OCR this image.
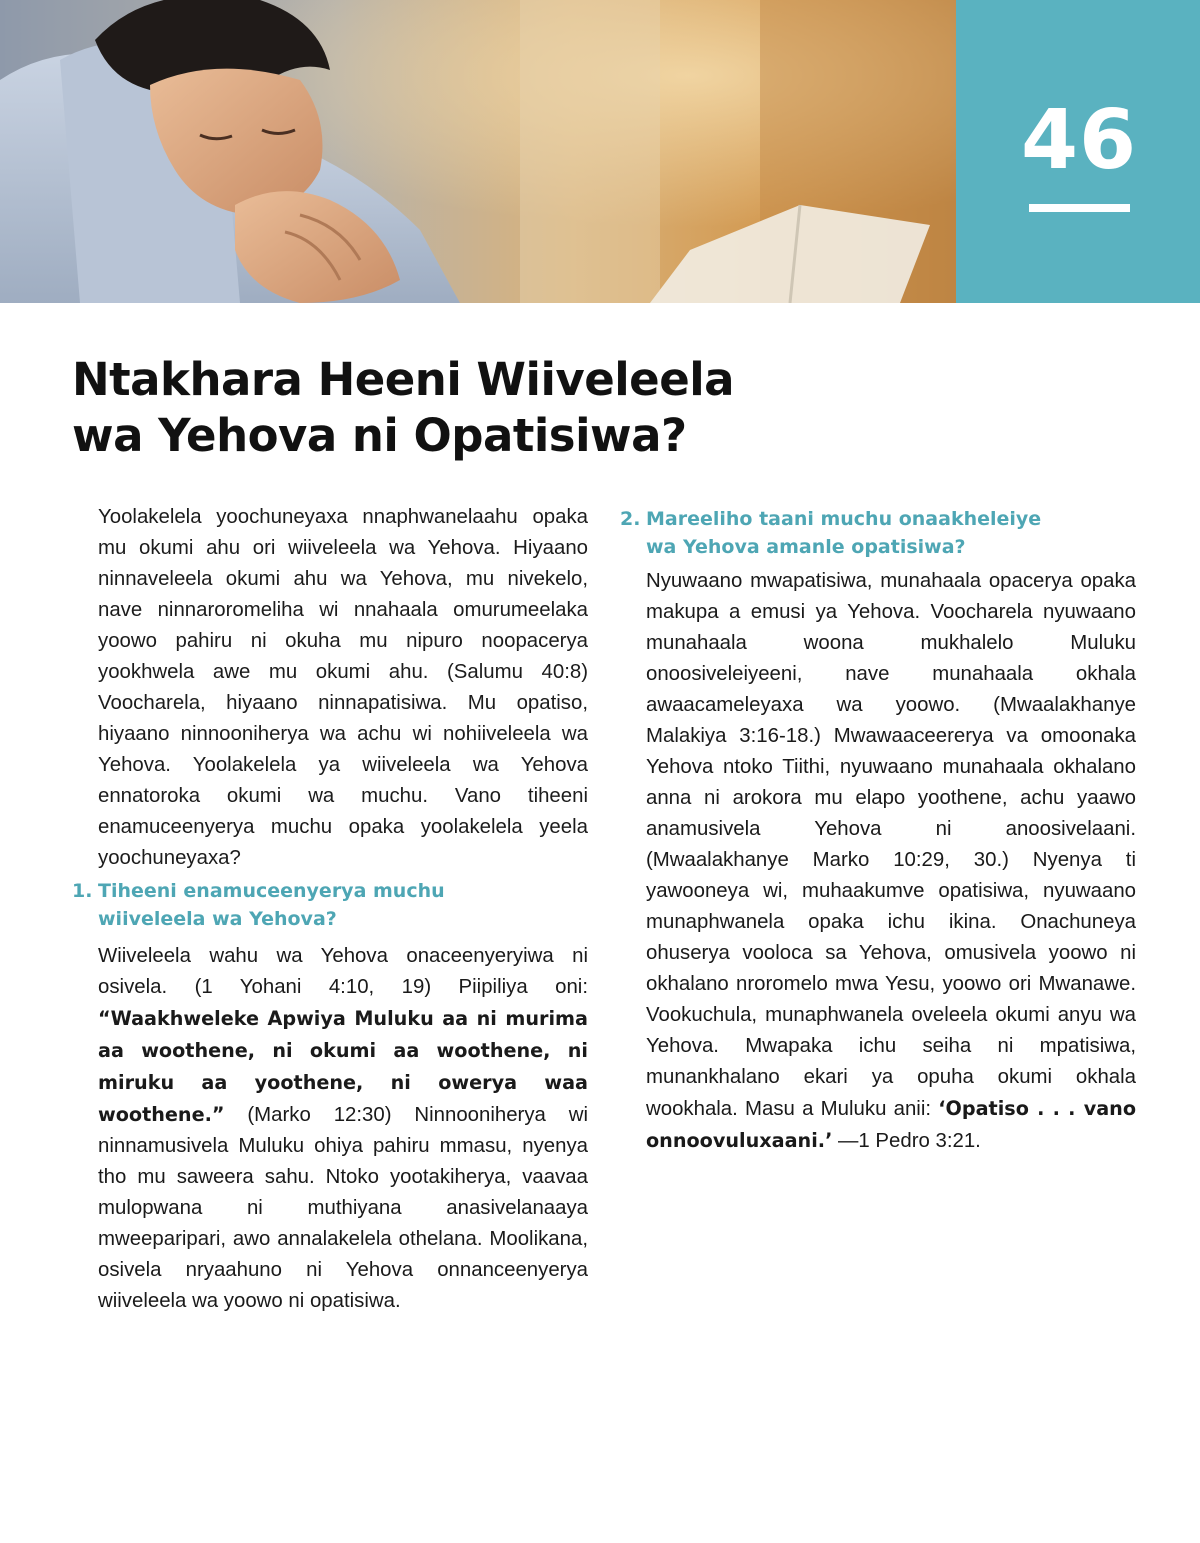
46
Ntakhara Heeni Wiiveleela
wa Yehova ni Opatisiwa?

Yoolakelela yoochuneyaxa nnaphwanelaahu opaka mu okumi ahu ori wiiveleela wa Yehova. Hiyaano ninnaveleela okumi ahu wa Yehova, mu nivekelo, nave ninnaroromeliha wi nnahaala omurumeelaka yoowo pahiru ni okuha mu nipuro noopacerya yookhwela awe mu okumi ahu. (Salumu 40:8) Voocharela, hiyaano ninnapatisiwa. Mu opatiso, hiyaano ninnooniherya wa achu wi nohiiveleela wa Yehova. Yoolakelela ya wiiveleela wa Yehova ennatoroka okumi wa muchu. Vano tiheeni enamuceenyerya muchu opaka yoolakelela yeela yoochuneyaxa?

1. Tiheeni enamuceenyerya muchu
wiiveleela wa Yehova?

Wiiveleela wahu wa Yehova onaceenyeryiwa ni osivela. (1 Yohani 4:10, 19) Piipiliya oni: “Waakhweleke Apwiya Muluku aa ni murima aa woothene, ni okumi aa woothene, ni miruku aa yoothene, ni owerya waa woothene.” (Marko 12:30) Ninnooniherya wi ninnamusivela Muluku ohiya pahiru mmasu, nyenya tho mu saweera sahu. Ntoko yootakiherya, vaavaa mulopwana ni muthiyana anasivelanaaya mweeparipari, awo annalakelela othelana. Moolikana, osivela nryaahuno ni Yehova onnanceenyerya wiiveleela wa yoowo ni opatisiwa.

2. Mareeliho taani muchu onaakheleiye
wa Yehova amanle opatisiwa?

Nyuwaano mwapatisiwa, munahaala opacerya opaka makupa a emusi ya Yehova. Voocharela nyuwaano munahaala woona mukhalelo Muluku onoosiveleiyeeni, nave munahaala okhala awaacameleyaxa wa yoowo. (Mwaalakhanye Malakiya 3:16-18.) Mwawaaceererya va omoonaka Yehova ntoko Tiithi, nyuwaano munahaala okhalano anna ni arokora mu elapo yoothene, achu yaawo anamusivela Yehova ni anoosivelaani. (Mwaalakhanye Marko 10:29, 30.) Nyenya ti yawooneya wi, muhaakumve opatisiwa, nyuwaano munaphwanela opaka ichu ikina. Onachuneya ohuserya vooloca sa Yehova, omusivela yoowo ni okhalano nroromelo mwa Yesu, yoowo ori Mwanawe. Vookuchula, munaphwanela oveleela okumi anyu wa Yehova. Mwapaka ichu seiha ni mpatisiwa, munankhalano ekari ya opuha okumi okhala wookhala. Masu a Muluku anii: ‘Opatiso . . . vano onnoovuluxaani.’ —1 Pedro 3:21.
